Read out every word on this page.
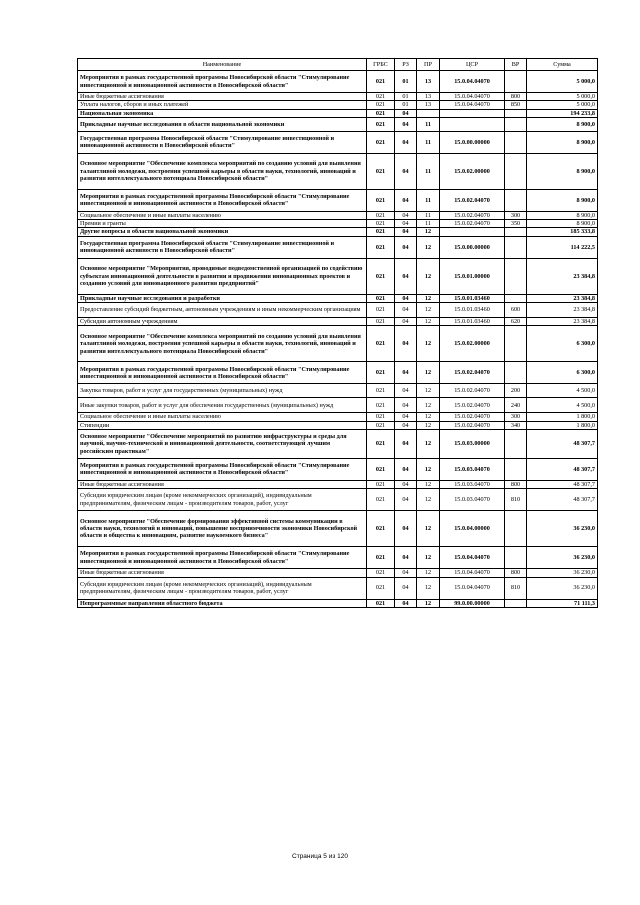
Наименование	ГРБС	РЗ	ПР	ЦСР	ВР	Сумма
Мероприятия в рамках государственной программы Новосибирской области "Стимулирование инвестиционной и инновационной активности в Новосибирской области"	021	01	13	15.0.04.04070		5 000,0
Иные бюджетные ассигнования	021	01	13	15.0.04.04070	800	5 000,0
Уплата налогов, сборов и иных платежей	021	01	13	15.0.04.04070	850	5 000,0
Национальная экономика	021	04				194 233,8
Прикладные научные исследования в области национальной экономики	021	04	11			8 900,0
Государственная программа Новосибирской области "Стимулирование инвестиционной и инновационной активности в Новосибирской области"	021	04	11	15.0.00.00000		8 900,0
Основное мероприятие "Обеспечение комплекса мероприятий по созданию условий для выявления талантливой молодежи, построения успешной карьеры в области науки, технологий, инноваций и развития интеллектуального потенциала Новосибирской области"	021	04	11	15.0.02.00000		8 900,0
Мероприятия в рамках государственной программы Новосибирской области "Стимулирование инвестиционной и инновационной активности в Новосибирской области"	021	04	11	15.0.02.04070		8 900,0
Социальное обеспечение и иные выплаты населению	021	04	11	15.0.02.04070	300	8 900,0
Премии и гранты	021	04	11	15.0.02.04070	350	8 900,0
Другие вопросы в области национальной экономики	021	04	12			185 333,8
Государственная программа Новосибирской области "Стимулирование инвестиционной и инновационной активности в Новосибирской области"	021	04	12	15.0.00.00000		114 222,5
Основное мероприятие "Мероприятия, проводимые подведомственной организацией по содействию субъектам инновационной деятельности в развитии и продвижении инновационных проектов и созданию условий для инновационного развития предприятий"	021	04	12	15.0.01.00000		23 384,8
Прикладные научные исследования и разработки	021	04	12	15.0.01.03460		23 384,8
Предоставление субсидий бюджетным, автономным учреждениям и иным некоммерческим организациям	021	04	12	15.0.01.03460	600	23 384,8
Субсидии автономным учреждениям	021	04	12	15.0.01.03460	620	23 384,8
Основное мероприятие "Обеспечение комплекса мероприятий по созданию условий для выявления талантливой молодежи, построения успешной карьеры в области науки, технологий, инноваций и развития интеллектуального потенциала Новосибирской области"	021	04	12	15.0.02.00000		6 300,0
Мероприятия в рамках государственной программы Новосибирской области "Стимулирование инвестиционной и инновационной активности в Новосибирской области"	021	04	12	15.0.02.04070		6 300,0
Закупка товаров, работ и услуг для государственных (муниципальных) нужд	021	04	12	15.0.02.04070	200	4 500,0
Иные закупки товаров, работ и услуг для обеспечения государственных (муниципальных) нужд	021	04	12	15.0.02.04070	240	4 500,0
Социальное обеспечение и иные выплаты населению	021	04	12	15.0.02.04070	300	1 800,0
Стипендии	021	04	12	15.0.02.04070	340	1 800,0
Основное мероприятие "Обеспечение мероприятий по развитию инфраструктуры и среды для научной, научно-технической и инновационной деятельности, соответствующей лучшим российским практикам"	021	04	12	15.0.03.00000		48 307,7
Мероприятия в рамках государственной программы Новосибирской области "Стимулирование инвестиционной и инновационной активности в Новосибирской области"	021	04	12	15.0.03.04070		48 307,7
Иные бюджетные ассигнования	021	04	12	15.0.03.04070	800	48 307,7
Субсидии юридическим лицам (кроме некоммерческих организаций), индивидуальным предпринимателям, физическим лицам - производителям товаров, работ, услуг	021	04	12	15.0.03.04070	810	48 307,7
Основное мероприятие "Обеспечение формирования эффективной системы коммуникации в области науки, технологий и инноваций, повышение восприимчивости экономики Новосибирской области и общества к инновациям, развитие наукоемкого бизнеса"	021	04	12	15.0.04.00000		36 230,0
Мероприятия в рамках государственной программы Новосибирской области "Стимулирование инвестиционной и инновационной активности в Новосибирской области"	021	04	12	15.0.04.04070		36 230,0
Иные бюджетные ассигнования	021	04	12	15.0.04.04070	800	36 230,0
Субсидии юридическим лицам (кроме некоммерческих организаций), индивидуальным предпринимателям, физическим лицам - производителям товаров, работ, услуг	021	04	12	15.0.04.04070	810	36 230,0
Непрограммные направления областного бюджета	021	04	12	99.0.00.00000		71 111,3
Страница 5 из 120
